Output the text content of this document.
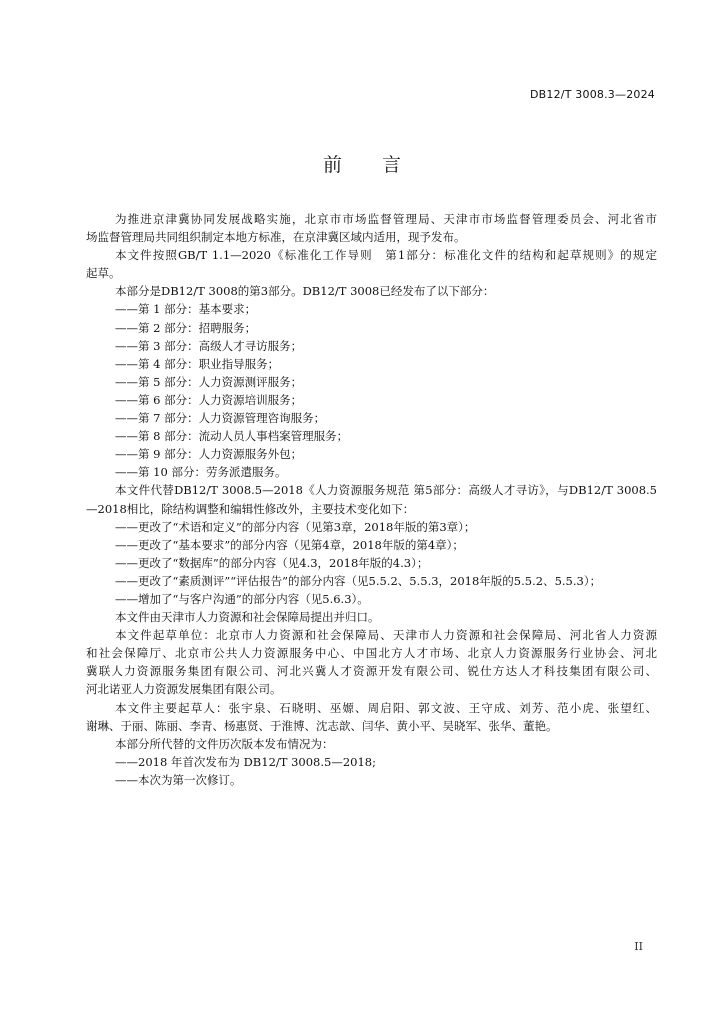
DB12/T 3008.3—2024
前 言
为推进京津冀协同发展战略实施，北京市市场监督管理局、天津市市场监督管理委员会、河北省市
场监督管理局共同组织制定本地方标准，在京津冀区域内适用，现予发布。
本文件按照GB/T 1.1—2020《标准化工作导则　第1部分：标准化文件的结构和起草规则》的规定
起草。
本部分是DB12/T 3008的第3部分。DB12/T 3008已经发布了以下部分：
——第 1 部分：基本要求；
——第 2 部分：招聘服务；
——第 3 部分：高级人才寻访服务；
——第 4 部分：职业指导服务；
——第 5 部分：人力资源测评服务；
——第 6 部分：人力资源培训服务；
——第 7 部分：人力资源管理咨询服务；
——第 8 部分：流动人员人事档案管理服务；
——第 9 部分：人力资源服务外包；
——第 10 部分：劳务派遣服务。
本文件代替DB12/T 3008.5—2018《人力资源服务规范 第5部分：高级人才寻访》，与DB12/T 3008.5
—2018相比，除结构调整和编辑性修改外，主要技术变化如下：
——更改了“术语和定义”的部分内容（见第3章，2018年版的第3章）；
——更改了“基本要求”的部分内容（见第4章，2018年版的第4章）；
——更改了“数据库”的部分内容（见4.3，2018年版的4.3）；
——更改了“素质测评”“评估报告”的部分内容（见5.5.2、5.5.3，2018年版的5.5.2、5.5.3）；
——增加了“与客户沟通”的部分内容（见5.6.3）。
本文件由天津市人力资源和社会保障局提出并归口。
本文件起草单位：北京市人力资源和社会保障局、天津市人力资源和社会保障局、河北省人力资源
和社会保障厅、北京市公共人力资源服务中心、中国北方人才市场、北京人力资源服务行业协会、河北
冀联人力资源服务集团有限公司、河北兴冀人才资源开发有限公司、锐仕方达人才科技集团有限公司、
河北诺亚人力资源发展集团有限公司。
本文件主要起草人：张宇泉、石晓明、巫嫄、周启阳、郭文波、王守成、刘芳、范小虎、张望红、
谢琳、于丽、陈丽、李青、杨惠贤、于淮博、沈志歆、闫华、黄小平、吴晓军、张华、董艳。
本部分所代替的文件历次版本发布情况为：
——2018 年首次发布为 DB12/T 3008.5—2018;
——本次为第一次修订。
II
